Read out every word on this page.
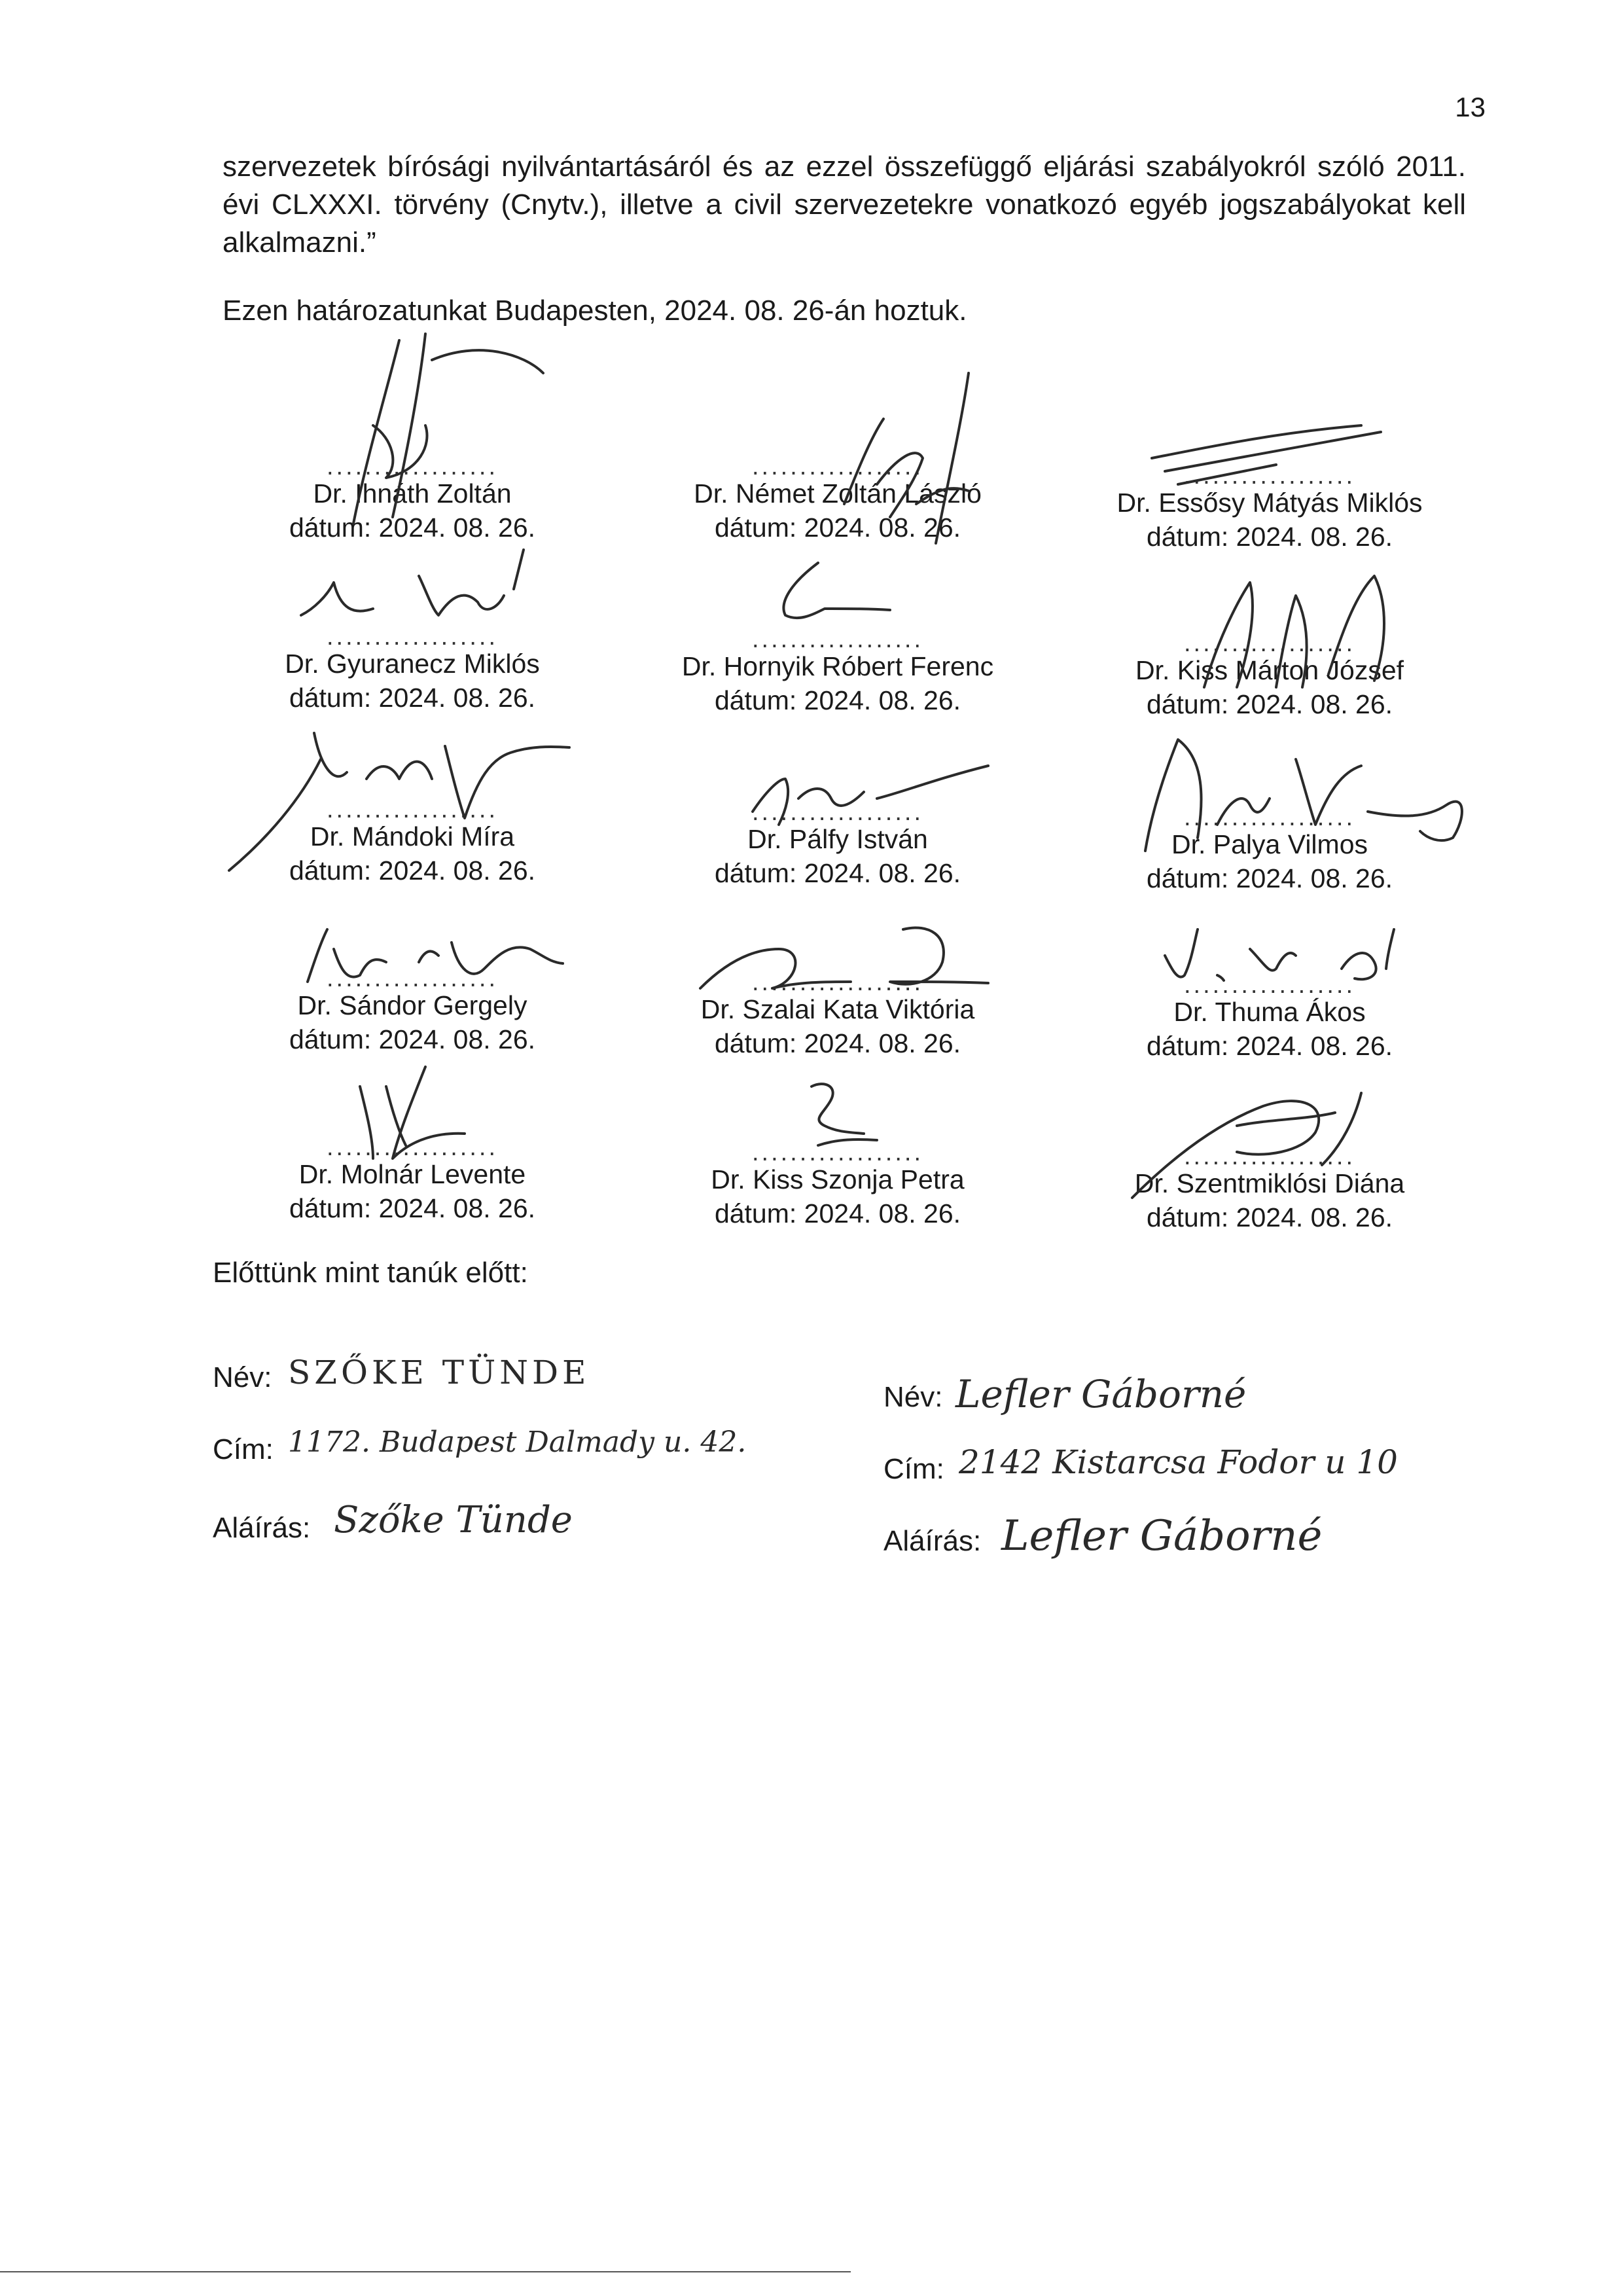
13
szervezetek bírósági nyilvántartásáról és az ezzel összefüggő eljárási szabályokról szóló 2011. évi CLXXXI. törvény (Cnytv.), illetve a civil szervezetekre vonatkozó egyéb jogszabályokat kell alkalmazni.”
Ezen határozatunkat Budapesten, 2024. 08. 26-án hoztuk.
..................
Dr. Ihnáth Zoltán
dátum: 2024. 08. 26.
..................
Dr. Német Zoltán László
dátum: 2024. 08. 26.
..................
Dr. Essősy Mátyás Miklós
dátum: 2024. 08. 26.
..................
Dr. Gyuranecz Miklós
dátum: 2024. 08. 26.
..................
Dr. Hornyik Róbert Ferenc
dátum: 2024. 08. 26.
..................
Dr. Kiss Márton József
dátum: 2024. 08. 26.
..................
Dr. Mándoki Míra
dátum: 2024. 08. 26.
..................
Dr. Pálfy István
dátum: 2024. 08. 26.
..................
Dr. Palya Vilmos
dátum: 2024. 08. 26.
..................
Dr. Sándor Gergely
dátum: 2024. 08. 26.
..................
Dr. Szalai Kata Viktória
dátum: 2024. 08. 26.
..................
Dr. Thuma Ákos
dátum: 2024. 08. 26.
..................
Dr. Molnár Levente
dátum: 2024. 08. 26.
..................
Dr. Kiss Szonja Petra
dátum: 2024. 08. 26.
..................
Dr. Szentmiklósi Diána
dátum: 2024. 08. 26.
Előttünk mint tanúk előtt:
Név: SZŐKE TÜNDE
Cím: 1172. Budapest Dalmady u. 42.
Aláírás: Szőke Tünde
Név: Lefler Gáborné
Cím: 2142 Kistarcsa Fodor u 10
Aláírás: Lefler Gáborné
